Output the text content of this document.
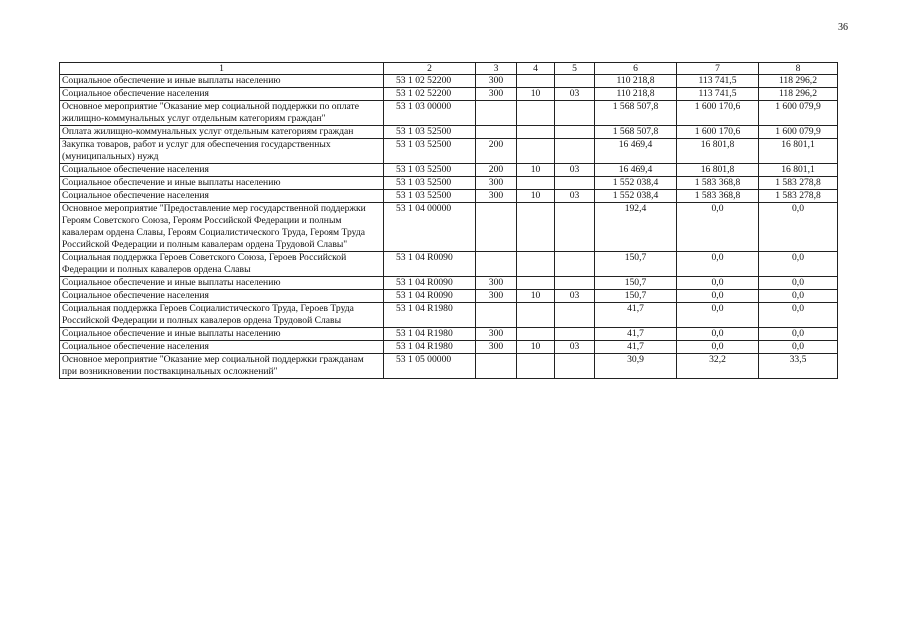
36
1	2	3	4	5	6	7	8
Социальное обеспечение и иные выплаты населению	53 1 02 52200	300			110 218,8	113 741,5	118 296,2
Социальное обеспечение населения	53 1 02 52200	300	10	03	110 218,8	113 741,5	118 296,2
Основное мероприятие "Оказание мер социальной поддержки по оплате жилищно-коммунальных услуг отдельным категориям граждан"	53 1 03 00000				1 568 507,8	1 600 170,6	1 600 079,9
Оплата жилищно-коммунальных услуг отдельным категориям граждан	53 1 03 52500				1 568 507,8	1 600 170,6	1 600 079,9
Закупка товаров, работ и услуг для обеспечения государственных (муниципальных) нужд	53 1 03 52500	200			16 469,4	16 801,8	16 801,1
Социальное обеспечение населения	53 1 03 52500	200	10	03	16 469,4	16 801,8	16 801,1
Социальное обеспечение и иные выплаты населению	53 1 03 52500	300			1 552 038,4	1 583 368,8	1 583 278,8
Социальное обеспечение населения	53 1 03 52500	300	10	03	1 552 038,4	1 583 368,8	1 583 278,8
Основное мероприятие "Предоставление мер государственной поддержки Героям Советского Союза, Героям Российской Федерации и полным кавалерам ордена Славы, Героям Социалистического Труда, Героям Труда Российской Федерации и полным кавалерам ордена Трудовой Славы"	53 1 04 00000				192,4	0,0	0,0
Социальная поддержка Героев Советского Союза, Героев Российской Федерации и полных кавалеров ордена Славы	53 1 04 R0090				150,7	0,0	0,0
Социальное обеспечение и иные выплаты населению	53 1 04 R0090	300			150,7	0,0	0,0
Социальное обеспечение населения	53 1 04 R0090	300	10	03	150,7	0,0	0,0
Социальная поддержка Героев Социалистического Труда, Героев Труда Российской Федерации и полных кавалеров ордена Трудовой Славы	53 1 04 R1980				41,7	0,0	0,0
Социальное обеспечение и иные выплаты населению	53 1 04 R1980	300			41,7	0,0	0,0
Социальное обеспечение населения	53 1 04 R1980	300	10	03	41,7	0,0	0,0
Основное мероприятие "Оказание мер социальной поддержки гражданам при возникновении поствакцинальных осложнений"	53 1 05 00000				30,9	32,2	33,5
